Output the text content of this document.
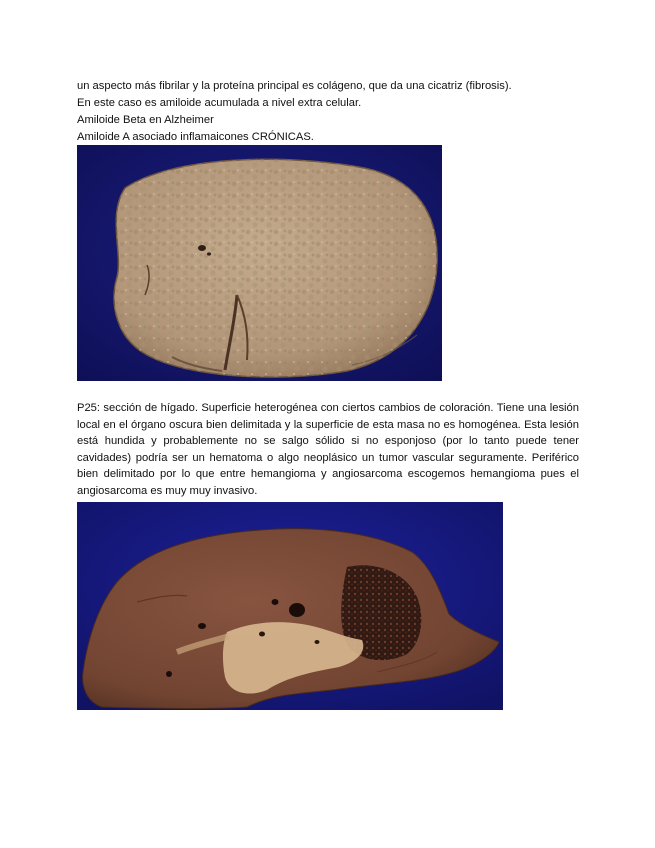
un aspecto más fibrilar y la proteína principal es colágeno, que da una cicatriz (fibrosis).
En este caso es amiloide acumulada a nivel extra celular.
Amiloide Beta en Alzheimer
Amiloide A asociado inflamaicones CRÓNICAS.
P25: sección de hígado. Superficie heterogénea con ciertos cambios de coloración. Tiene una lesión local en el órgano oscura bien delimitada y la superficie de esta masa no es homogénea. Esta lesión está hundida y probablemente no se salgo sólido si no esponjoso (por lo tanto puede tener cavidades) podría ser un hematoma o algo neoplásico un tumor vascular seguramente. Periférico bien delimitado por lo que entre hemangioma y angiosarcoma escogemos hemangioma pues el angiosarcoma es muy muy invasivo.
